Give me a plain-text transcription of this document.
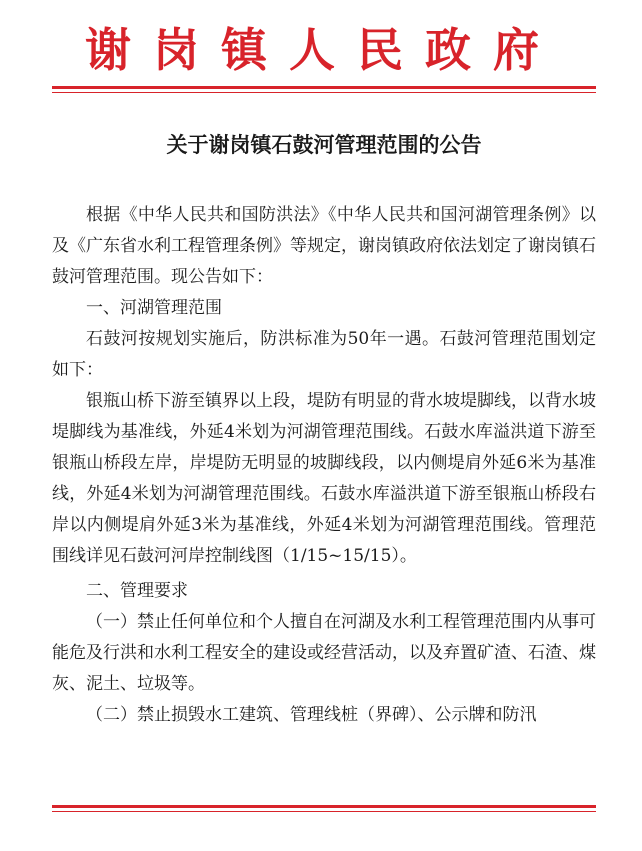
谢岗镇人民政府
关于谢岗镇石鼓河管理范围的公告

根据《中华人民共和国防洪法》《中华人民共和国河湖管理条例》以及《广东省水利工程管理条例》等规定，谢岗镇政府依法划定了谢岗镇石鼓河管理范围。现公告如下：

一、河湖管理范围

石鼓河按规划实施后，防洪标准为50年一遇。石鼓河管理范围划定如下：

银瓶山桥下游至镇界以上段，堤防有明显的背水坡堤脚线，以背水坡堤脚线为基准线，外延4米划为河湖管理范围线。石鼓水库溢洪道下游至银瓶山桥段左岸，岸堤防无明显的坡脚线段，以内侧堤肩外延6米为基准线，外延4米划为河湖管理范围线。石鼓水库溢洪道下游至银瓶山桥段右岸以内侧堤肩外延3米为基准线，外延4米划为河湖管理范围线。管理范围线详见石鼓河河岸控制线图（1/15~15/15）。

二、管理要求

（一）禁止任何单位和个人擅自在河湖及水利工程管理范围内从事可能危及行洪和水利工程安全的建设或经营活动，以及弃置矿渣、石渣、煤灰、泥土、垃圾等。

（二）禁止损毁水工建筑、管理线桩（界碑）、公示牌和防汛
